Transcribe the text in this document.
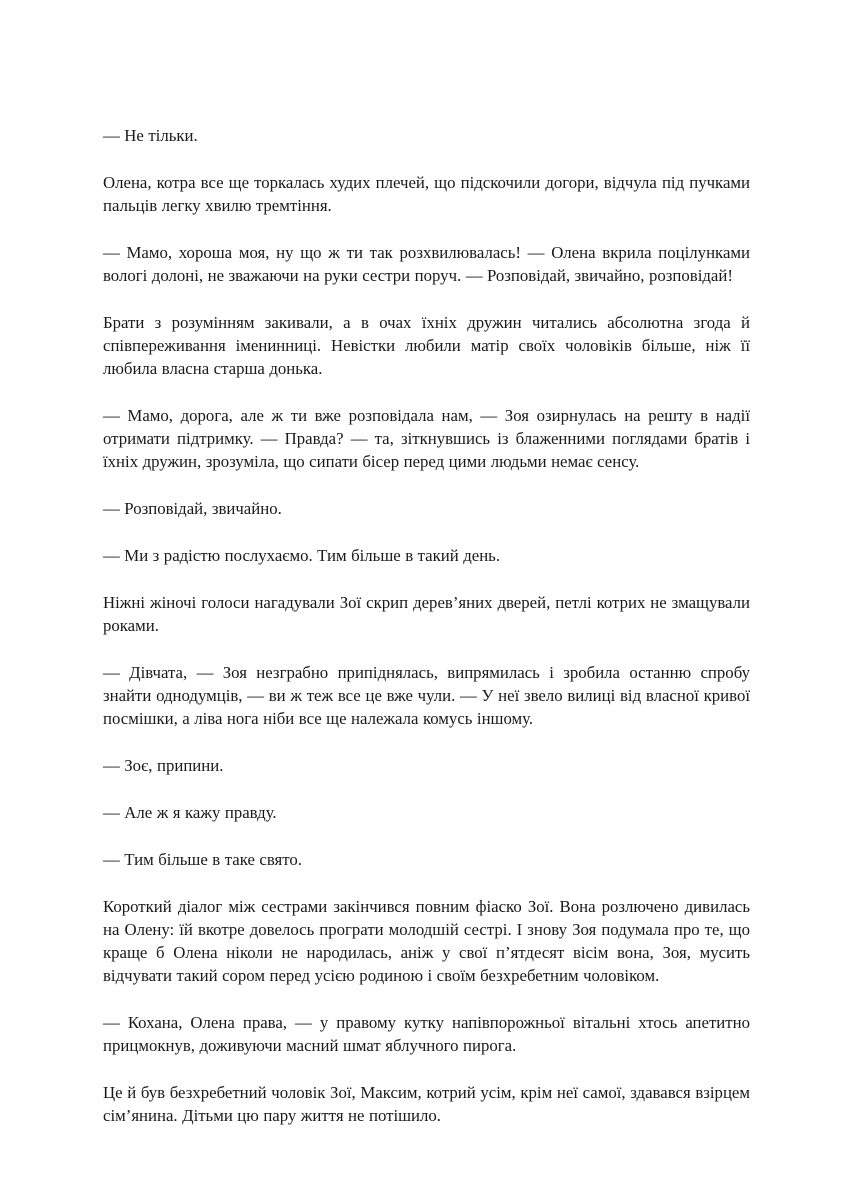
— Не тільки.

Олена, котра все ще торкалась худих плечей, що підскочили догори, відчула під пучками пальців легку хвилю тремтіння.

— Мамо, хороша моя, ну що ж ти так розхвилювалась! — Олена вкрила поцілунками вологі долоні, не зважаючи на руки сестри поруч. — Розповідай, звичайно, розповідай!

Брати з розумінням закивали, а в очах їхніх дружин читались абсолютна згода й співпереживання іменинниці. Невістки любили матір своїх чоловіків більше, ніж її любила власна старша донька.

— Мамо, дорога, але ж ти вже розповідала нам, — Зоя озирнулась на решту в надії отримати підтримку. — Правда? — та, зіткнувшись із блаженними поглядами братів і їхніх дружин, зрозуміла, що сипати бісер перед цими людьми немає сенсу.

— Розповідай, звичайно.

— Ми з радістю послухаємо. Тим більше в такий день.

Ніжні жіночі голоси нагадували Зої скрип дерев’яних дверей, петлі котрих не змащували роками.

— Дівчата, — Зоя незграбно припіднялась, випрямилась і зробила останню спробу знайти однодумців, — ви ж теж все це вже чули. — У неї звело вилиці від власної кривої посмішки, а ліва нога ніби все ще належала комусь іншому.

— Зоє, припини.

— Але ж я кажу правду.

— Тим більше в таке свято.

Короткий діалог між сестрами закінчився повним фіаско Зої. Вона розлючено дивилась на Олену: їй вкотре довелось програти молодшій сестрі. І знову Зоя подумала про те, що краще б Олена ніколи не народилась, аніж у свої п’ятдесят вісім вона, Зоя, мусить відчувати такий сором перед усією родиною і своїм безхребетним чоловіком.

— Кохана, Олена права, — у правому кутку напівпорожньої вітальні хтось апетитно прицмокнув, доживуючи масний шмат яблучного пирога.

Це й був безхребетний чоловік Зої, Максим, котрий усім, крім неї самої, здавався взірцем сім’янина. Дітьми цю пару життя не потішило.
